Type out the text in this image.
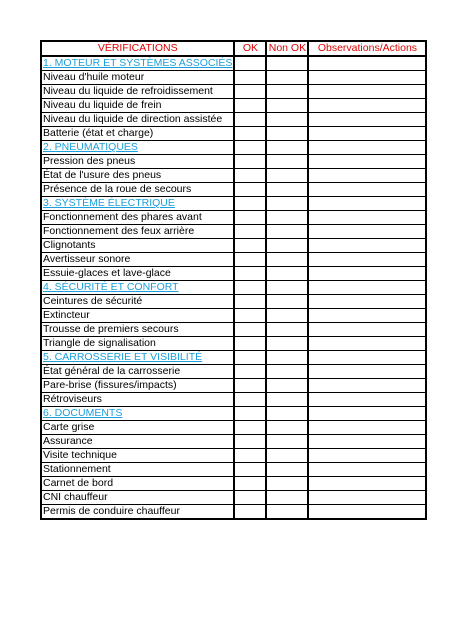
VÉRIFICATIONS	OK	Non OK	Observations/Actions
1. MOTEUR ET SYSTÈMES ASSOCIÉS			
Niveau d'huile moteur			
Niveau du liquide de refroidissement			
Niveau du liquide de frein			
Niveau du liquide de direction assistée			
Batterie (état et charge)			
2. PNEUMATIQUES			
Pression des pneus			
État de l'usure des pneus			
Présence de la roue de secours			
3. SYSTÈME ÉLECTRIQUE			
Fonctionnement des phares avant			
Fonctionnement des feux arrière			
Clignotants			
Avertisseur sonore			
Essuie-glaces et lave-glace			
4. SÉCURITÉ ET CONFORT			
Ceintures de sécurité			
Extincteur			
Trousse de premiers secours			
Triangle de signalisation			
5. CARROSSERIE ET VISIBILITÉ			
État général de la carrosserie			
Pare-brise (fissures/impacts)			
Rétroviseurs			
6. DOCUMENTS			
Carte grise			
Assurance			
Visite technique			
Stationnement			
Carnet de bord			
CNI chauffeur			
Permis de conduire chauffeur			
